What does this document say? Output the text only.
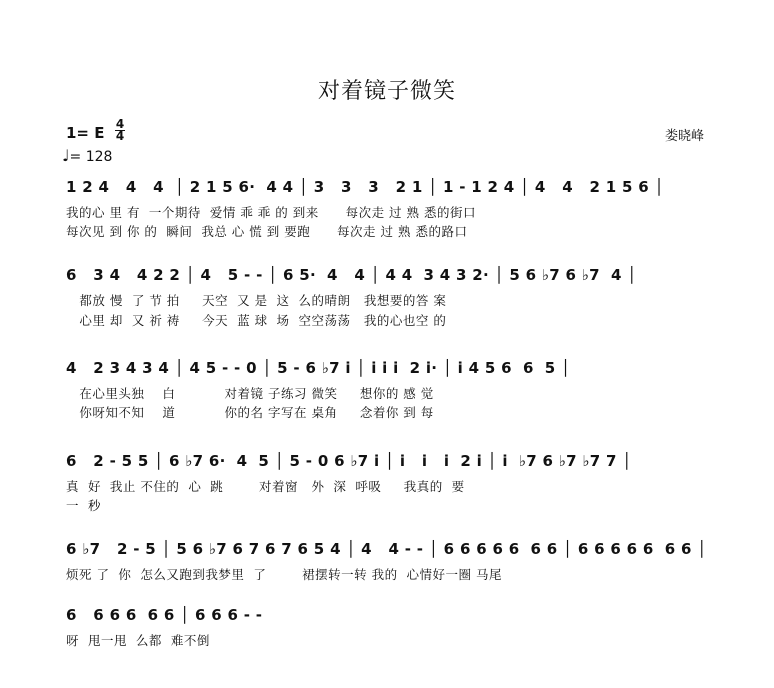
对着镜子微笑
娄晓峰
1= E 4
4
♩= 128
1 2 4   4   4  │ 2 1 5 6·  4 4 │ 3   3   3   2 1 │ 1 - 1 2 4 │ 4   4   2 1 5 6 │
我的心 里 有  一个期待  爱情 乖 乖 的 到来      每次走 过 熟 悉的街口
每次见 到 你 的  瞬间  我总 心 慌 到 要跑      每次走 过 熟 悉的路口
6   3 4   4 2 2 │ 4   5 - - │ 6 5·  4   4 │ 4 4  3 4 3 2· │ 5 6 ♭7 6 ♭7  4 │
都放 慢  了 节 拍     天空  又 是  这  么的晴朗   我想要的答 案
心里 却  又 祈 祷     今天  蓝 球  场  空空荡荡   我的心也空 的
4   2 3 4 3 4 │ 4 5 - - 0 │ 5 - 6 ♭7 i │ i i i  2 i· │ i 4 5 6  6  5 │
在心里头独    白           对着镜 子练习 微笑     想你的 感 觉
你呀知不知    道           你的名 字写在 桌角     念着你 到 每
6   2 - 5 5 │ 6 ♭7 6·  4  5 │ 5 - 0 6 ♭7 i │ i   i   i  2 i │ i  ♭7 6 ♭7 ♭7 7 │
真  好  我止 不住的  心  跳        对着窗   外  深  呼吸     我真的  要
一  秒
6 ♭7   2 - 5 │ 5 6 ♭7 6 7 6 7 6 5 4 │ 4   4 - - │ 6 6 6 6 6  6 6 │ 6 6 6 6 6  6 6 │
烦死 了  你  怎么又跑到我梦里  了        裙摆转一转 我的  心情好一圈 马尾
6   6 6 6  6 6 │ 6 6 6 - -
呀  甩一甩  么都  难不倒
